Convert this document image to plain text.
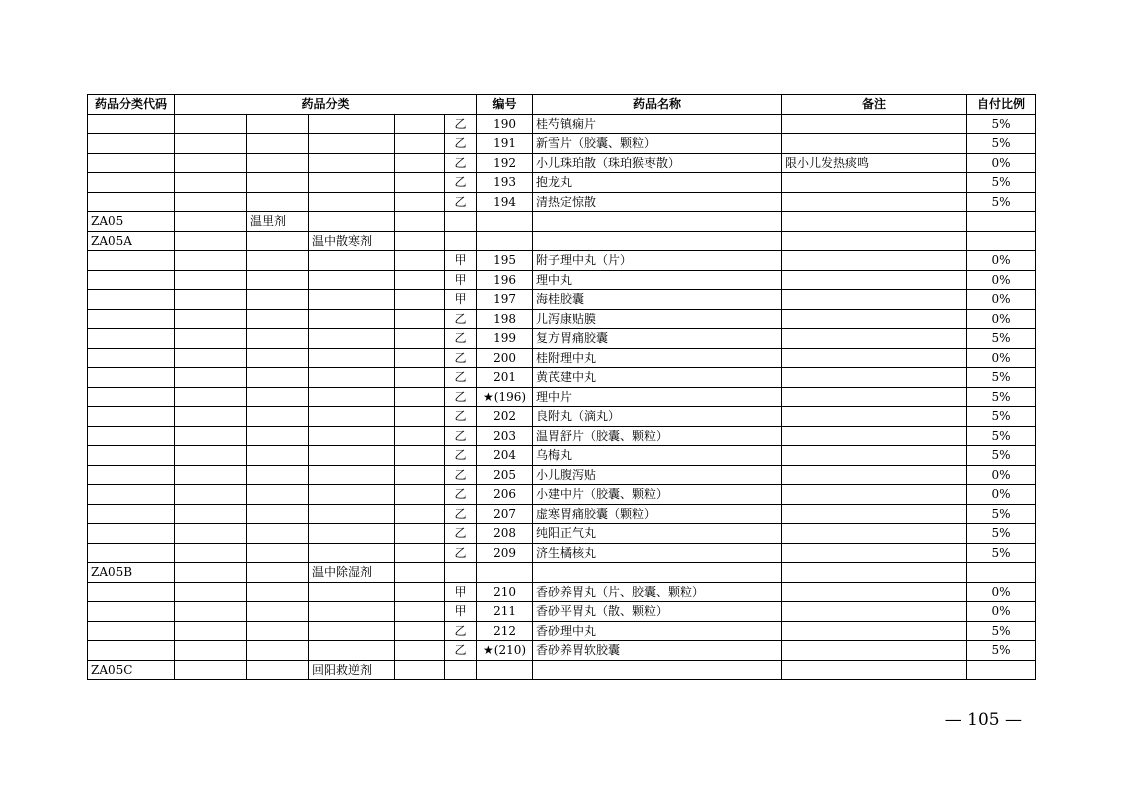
药品分类代码	药品分类					编号	药品名称	备注	自付比例
					乙	190	桂芍镇痫片		5%
					乙	191	新雪片（胶囊、颗粒）		5%
					乙	192	小儿珠珀散（珠珀猴枣散）	限小儿发热痰鸣	0%
					乙	193	抱龙丸		5%
					乙	194	清热定惊散		5%
ZA05		温里剂							
ZA05A			温中散寒剂						
					甲	195	附子理中丸（片）		0%
					甲	196	理中丸		0%
					甲	197	海桂胶囊		0%
					乙	198	儿泻康贴膜		0%
					乙	199	复方胃痛胶囊		5%
					乙	200	桂附理中丸		0%
					乙	201	黄芪建中丸		5%
					乙	★(196)	理中片		5%
					乙	202	良附丸（滴丸）		5%
					乙	203	温胃舒片（胶囊、颗粒）		5%
					乙	204	乌梅丸		5%
					乙	205	小儿腹泻贴		0%
					乙	206	小建中片（胶囊、颗粒）		0%
					乙	207	虚寒胃痛胶囊（颗粒）		5%
					乙	208	纯阳正气丸		5%
					乙	209	济生橘核丸		5%
ZA05B			温中除湿剂						
					甲	210	香砂养胃丸（片、胶囊、颗粒）		0%
					甲	211	香砂平胃丸（散、颗粒）		0%
					乙	212	香砂理中丸		5%
					乙	★(210)	香砂养胃软胶囊		5%
ZA05C			回阳救逆剂						
— 105 —
